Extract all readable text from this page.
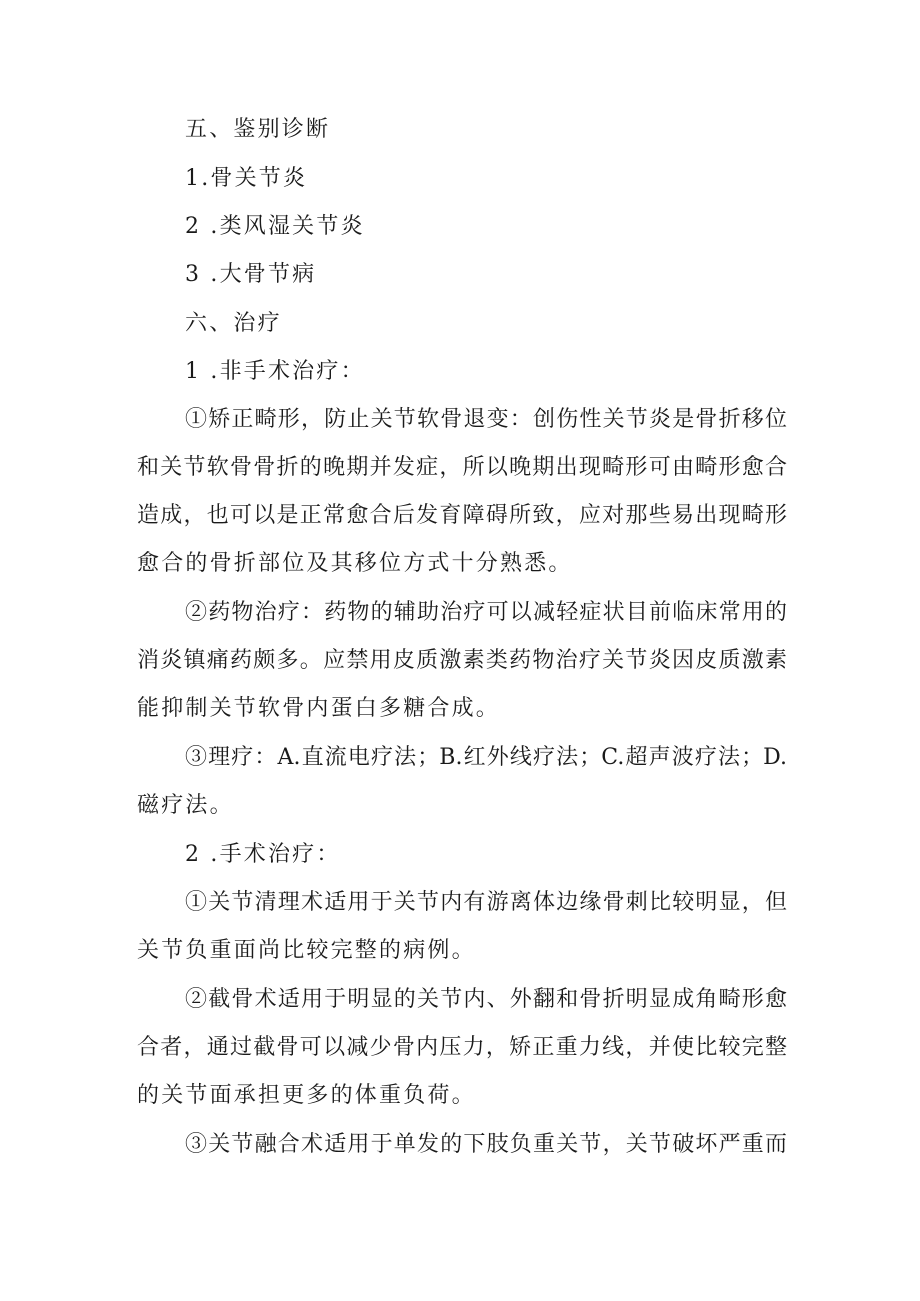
五、鉴别诊断
1.骨关节炎
2 .类风湿关节炎
3 .大骨节病
六、治疗
1 .非手术治疗：
①矫正畸形，防止关节软骨退变：创伤性关节炎是骨折移位
和关节软骨骨折的晚期并发症，所以晚期出现畸形可由畸形愈合
造成，也可以是正常愈合后发育障碍所致，应对那些易出现畸形
愈合的骨折部位及其移位方式十分熟悉。
②药物治疗：药物的辅助治疗可以减轻症状目前临床常用的
消炎镇痛药颇多。应禁用皮质激素类药物治疗关节炎因皮质激素
能抑制关节软骨内蛋白多糖合成。
③理疗：A.直流电疗法；B.红外线疗法；C.超声波疗法；D.
磁疗法。
2 .手术治疗：
①关节清理术适用于关节内有游离体边缘骨刺比较明显，但
关节负重面尚比较完整的病例。
②截骨术适用于明显的关节内、外翻和骨折明显成角畸形愈
合者，通过截骨可以减少骨内压力，矫正重力线，并使比较完整
的关节面承担更多的体重负荷。
③关节融合术适用于单发的下肢负重关节，关节破坏严重而
